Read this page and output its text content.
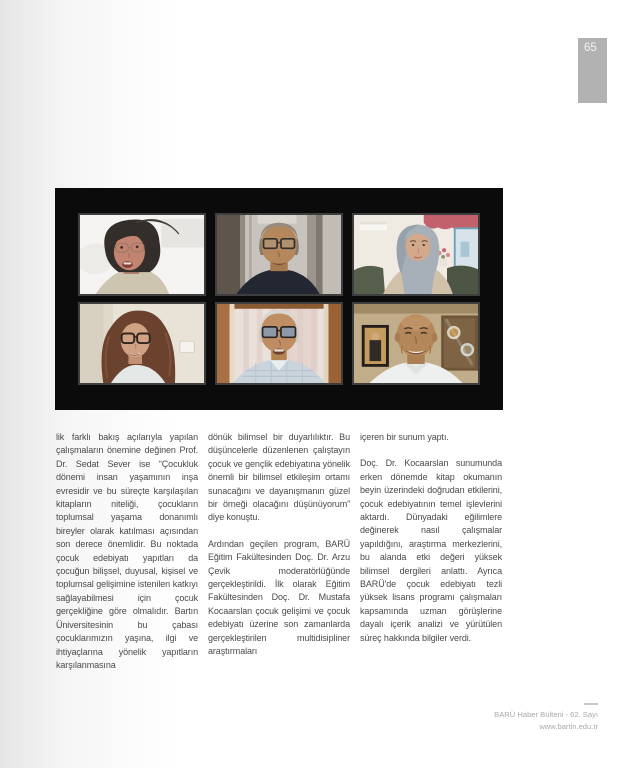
65

lik farklı bakış açılarıyla yapılan çalışmaların önemine değinen Prof. Dr. Sedat Sever ise “Çocukluk dönemi insan yaşamının inşa evresidir ve bu süreçte karşılaşılan kitapların niteliği, çocukların toplumsal yaşama donanımlı bireyler olarak katılması açısından son derece önemlidir. Bu noktada çocuk edebiyatı yapıtları da çocuğun bilişsel, duyusal, kişisel ve toplumsal gelişimine istenilen katkıyı sağlayabilmesi için çocuk gerçekliğine göre olmalıdır. Bartın Üniversitesinin bu çabası çocuklarımızın yaşına, ilgi ve ihtiyaçlarına yönelik yapıtların karşılanmasına

dönük bilimsel bir duyarlılıktır. Bu düşüncelerle düzenlenen çalıştayın çocuk ve gençlik edebiyatına yönelik önemli bir bilimsel etkileşim ortamı sunacağını ve dayanışmanın güzel bir örneği olacağını düşünüyorum” diye konuştu.

Ardından geçilen program, BARÜ Eğitim Fakültesinden Doç. Dr. Arzu Çevik moderatörlüğünde gerçekleştirildi. İlk olarak Eğitim Fakültesinden Doç. Dr. Mustafa Kocaarslan çocuk gelişimi ve çocuk edebiyatı üzerine son zamanlarda gerçekleştirilen multidisipliner araştırmaları

içeren bir sunum yaptı.

Doç. Dr. Kocaarslan sunumunda erken dönemde kitap okumanın beyin üzerindeki doğrudan etkilerini, çocuk edebiyatının temel işlevlerini aktardı. Dünyadaki eğilimlere değinerek nasıl çalışmalar yapıldığını, araştırma merkezlerini, bu alanda etki değeri yüksek bilimsel dergileri anlattı. Ayrıca BARÜ'de çocuk edebiyatı tezli yüksek lisans programı çalışmaları kapsamında uzman görüşlerine dayalı içerik analizi ve yürütülen süreç hakkında bilgiler verdi.

BARÜ Haber Bülteni - 62. Sayı
www.bartin.edu.tr
